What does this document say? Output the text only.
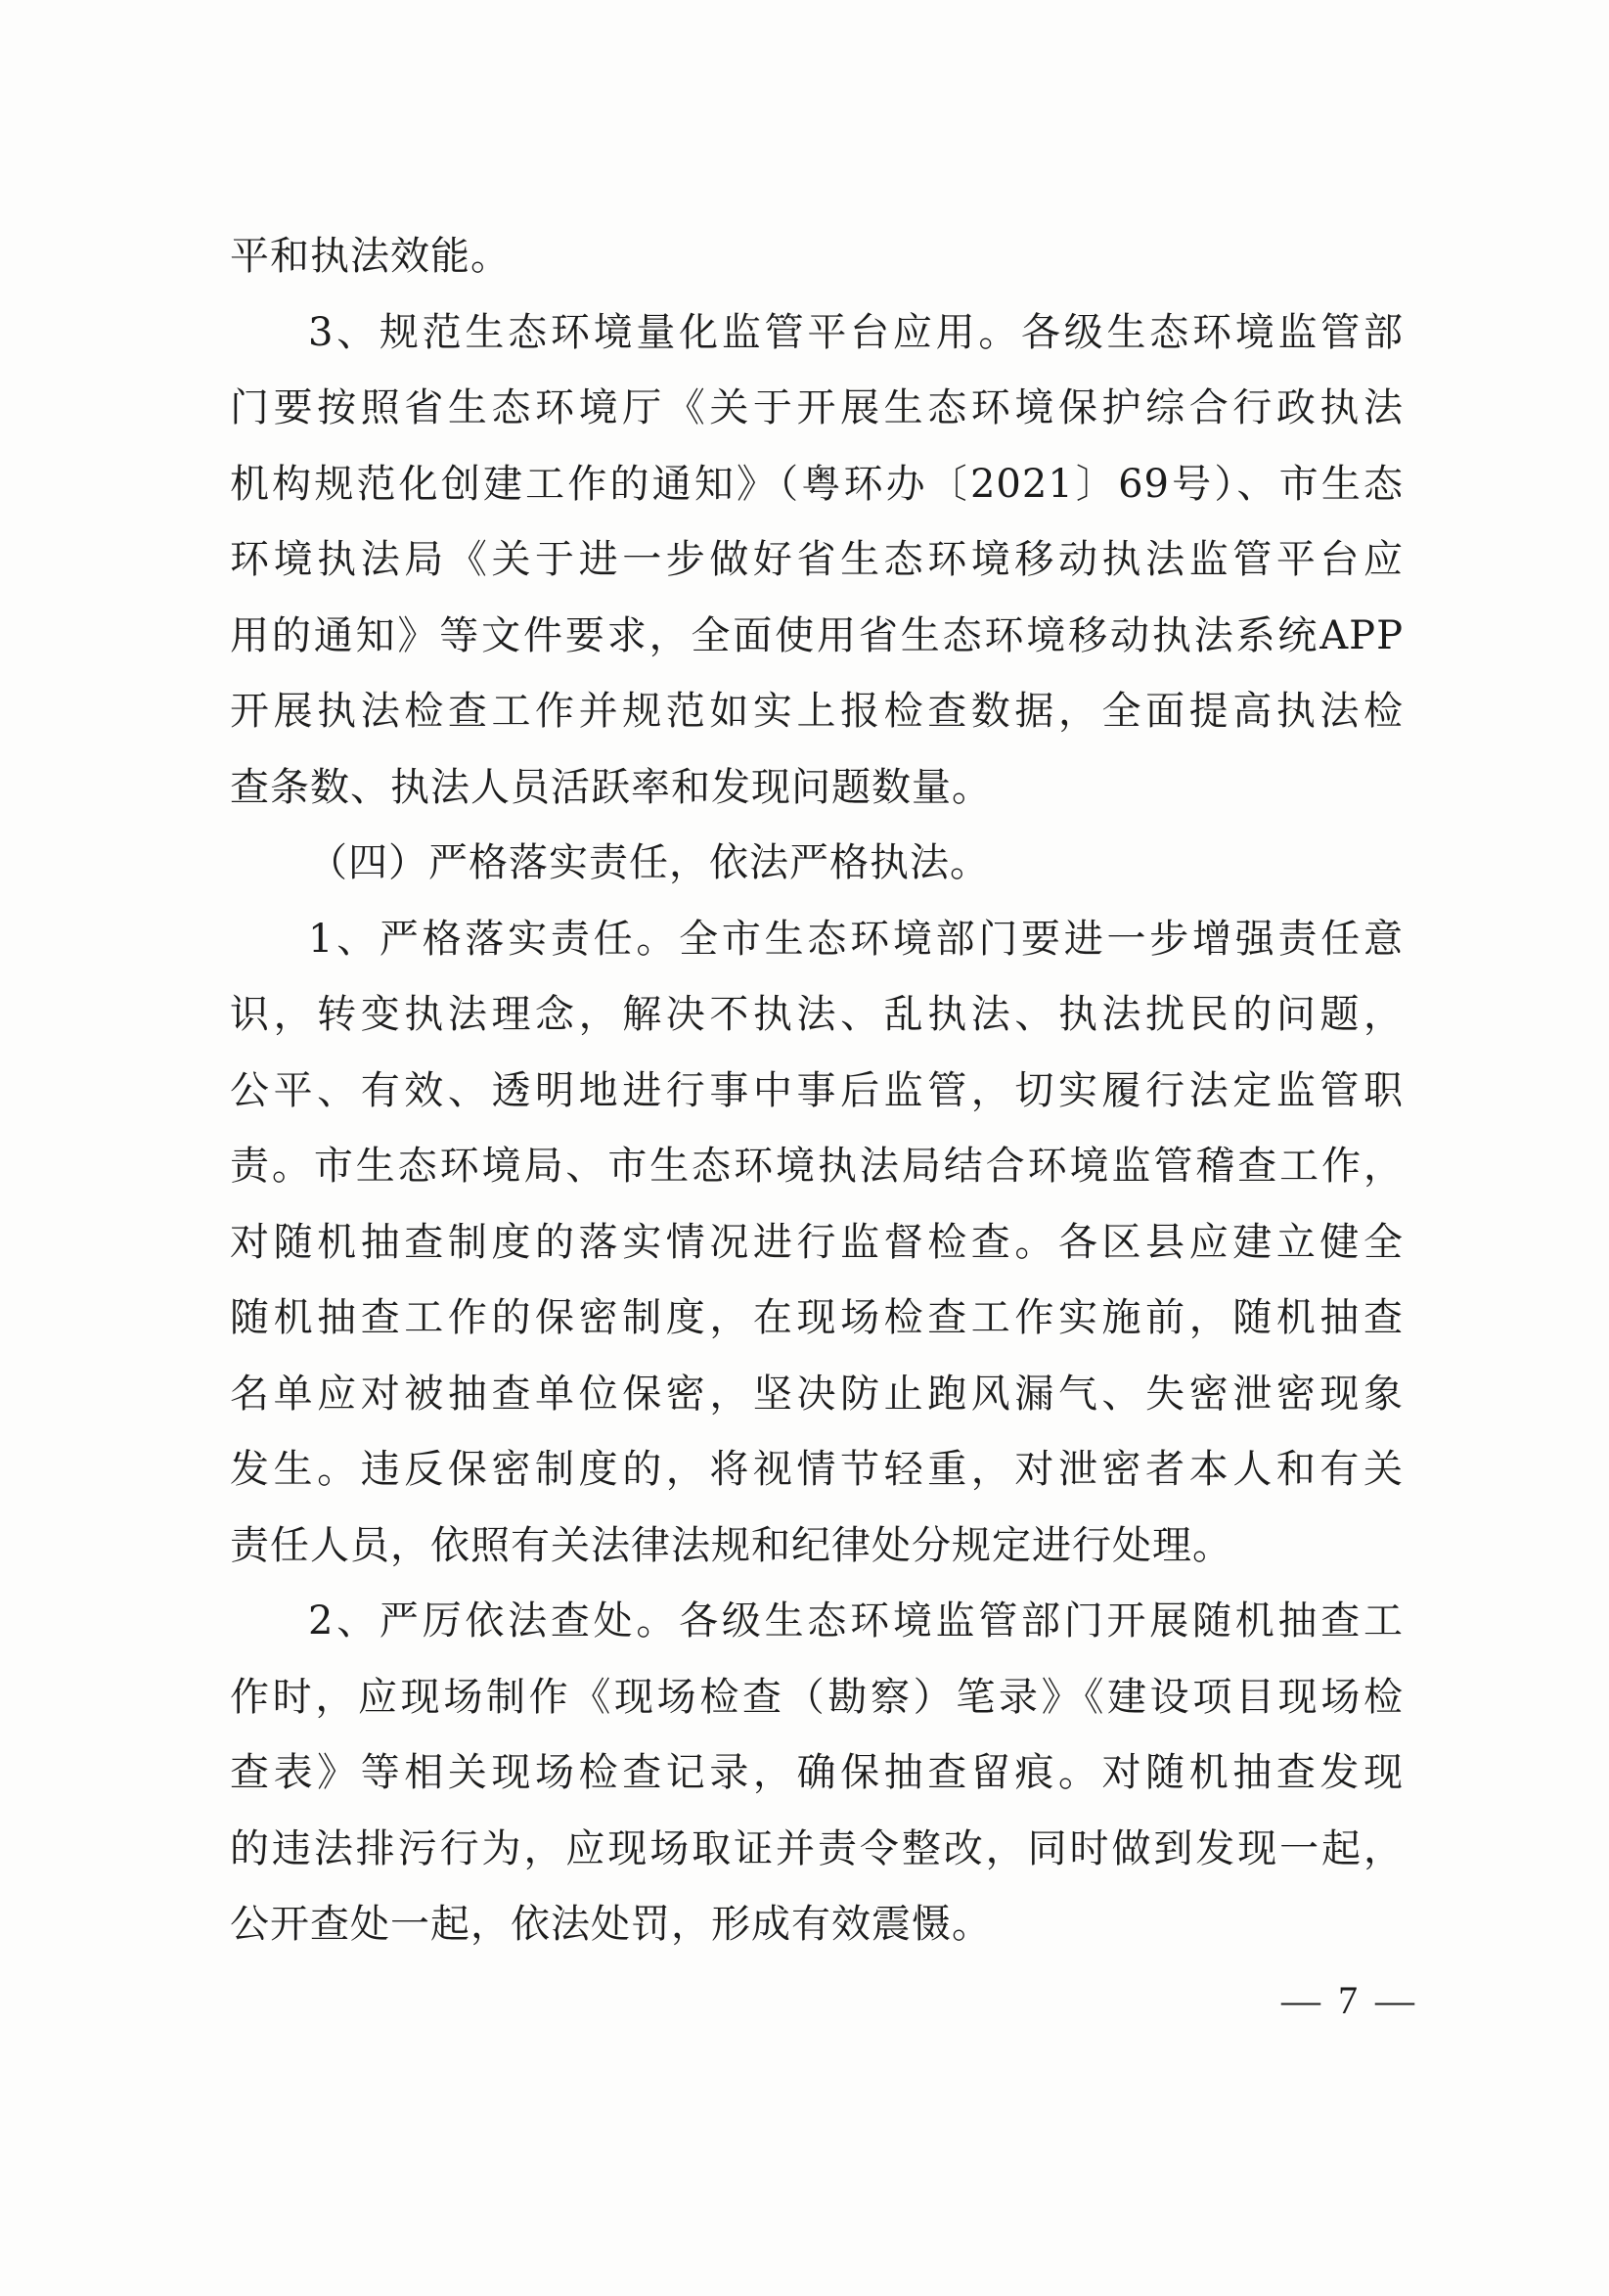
平和执法效能。
3、规范生态环境量化监管平台应用。各级生态环境监管部
门要按照省生态环境厅《关于开展生态环境保护综合行政执法
机构规范化创建工作的通知》（粤环办〔2021〕69号）、市生态
环境执法局《关于进一步做好省生态环境移动执法监管平台应
用的通知》等文件要求，全面使用省生态环境移动执法系统APP
开展执法检查工作并规范如实上报检查数据，全面提高执法检
查条数、执法人员活跃率和发现问题数量。
（四）严格落实责任，依法严格执法。
1、严格落实责任。全市生态环境部门要进一步增强责任意
识，转变执法理念，解决不执法、乱执法、执法扰民的问题，
公平、有效、透明地进行事中事后监管，切实履行法定监管职
责。市生态环境局、市生态环境执法局结合环境监管稽查工作，
对随机抽查制度的落实情况进行监督检查。各区县应建立健全
随机抽查工作的保密制度，在现场检查工作实施前，随机抽查
名单应对被抽查单位保密，坚决防止跑风漏气、失密泄密现象
发生。违反保密制度的，将视情节轻重，对泄密者本人和有关
责任人员，依照有关法律法规和纪律处分规定进行处理。
2、严厉依法查处。各级生态环境监管部门开展随机抽查工
作时，应现场制作《现场检查（勘察）笔录》《建设项目现场检
查表》等相关现场检查记录，确保抽查留痕。对随机抽查发现
的违法排污行为，应现场取证并责令整改，同时做到发现一起，
公开查处一起，依法处罚，形成有效震慑。
— 7 —
